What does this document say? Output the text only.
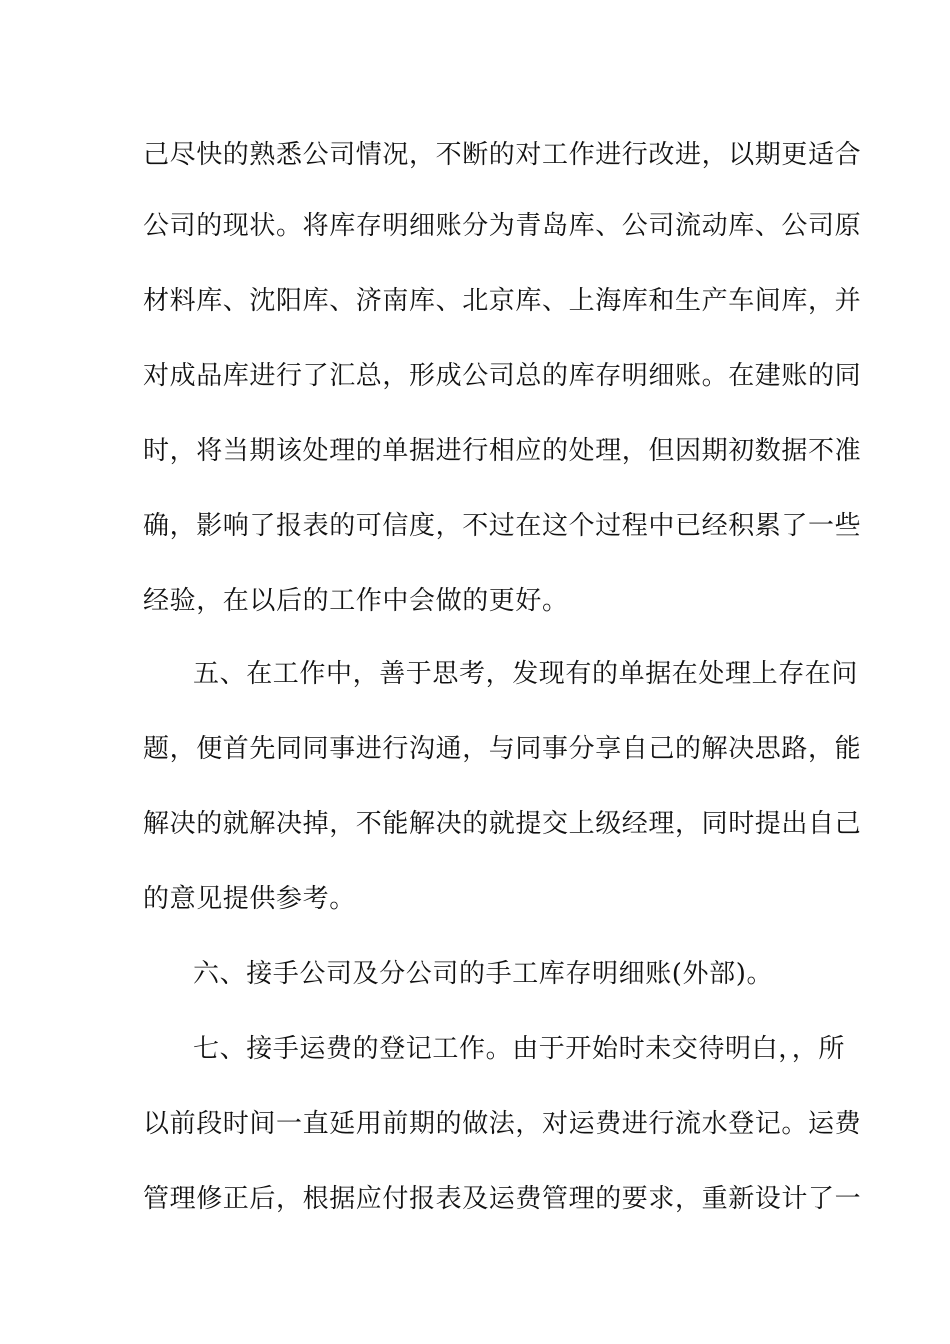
己尽快的熟悉公司情况，不断的对工作进行改进，以期更适合
公司的现状。将库存明细账分为青岛库、公司流动库、公司原
材料库、沈阳库、济南库、北京库、上海库和生产车间库，并
对成品库进行了汇总，形成公司总的库存明细账。在建账的同
时，将当期该处理的单据进行相应的处理，但因期初数据不准
确，影响了报表的可信度，不过在这个过程中已经积累了一些
经验，在以后的工作中会做的更好。
五、在工作中，善于思考，发现有的单据在处理上存在问
题，便首先同同事进行沟通，与同事分享自己的解决思路，能
解决的就解决掉，不能解决的就提交上级经理，同时提出自己
的意见提供参考。
六、接手公司及分公司的手工库存明细账(外部)。
七、接手运费的登记工作。由于开始时未交待明白，，所
以前段时间一直延用前期的做法，对运费进行流水登记。运费
管理修正后，根据应付报表及运费管理的要求，重新设计了一
